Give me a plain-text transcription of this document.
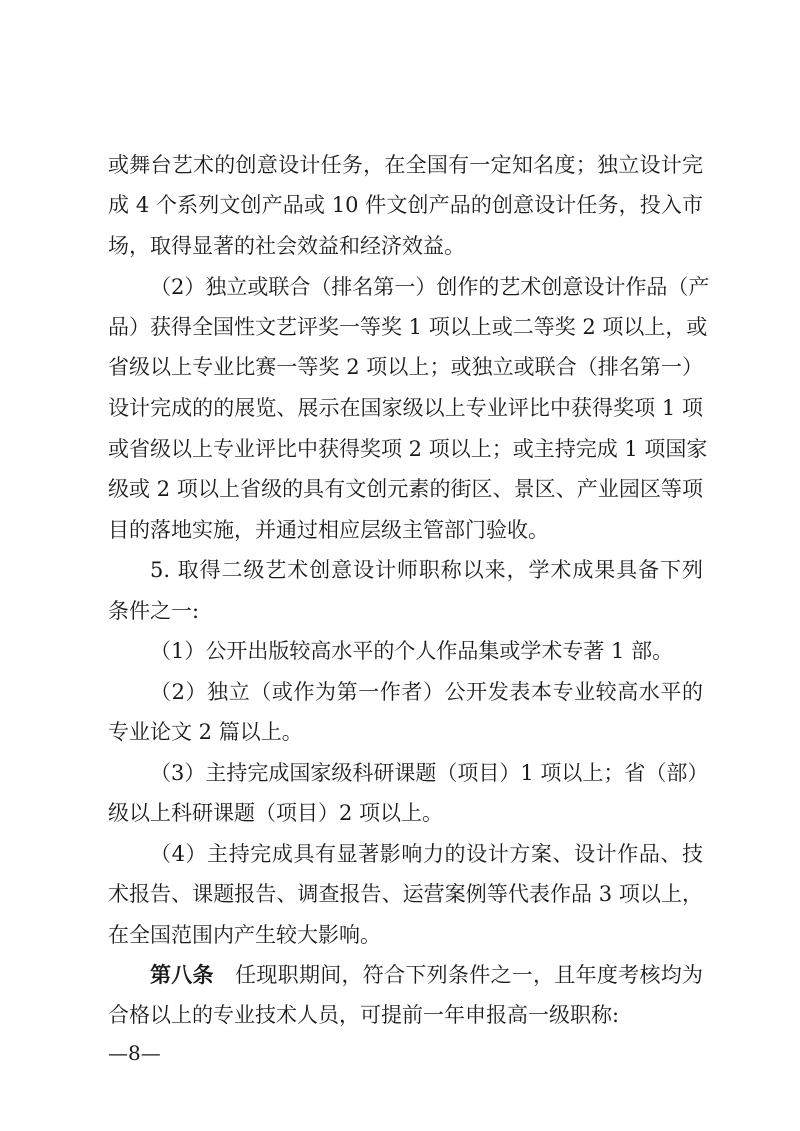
或舞台艺术的创意设计任务，在全国有一定知名度；独立设计完
成 4 个系列文创产品或 10 件文创产品的创意设计任务，投入市
场，取得显著的社会效益和经济效益。
（2）独立或联合（排名第一）创作的艺术创意设计作品（产
品）获得全国性文艺评奖一等奖 1 项以上或二等奖 2 项以上，或
省级以上专业比赛一等奖 2 项以上；或独立或联合（排名第一）
设计完成的的展览、展示在国家级以上专业评比中获得奖项 1 项
或省级以上专业评比中获得奖项 2 项以上；或主持完成 1 项国家
级或 2 项以上省级的具有文创元素的街区、景区、产业园区等项
目的落地实施，并通过相应层级主管部门验收。
5. 取得二级艺术创意设计师职称以来，学术成果具备下列
条件之一:
（1）公开出版较高水平的个人作品集或学术专著 1 部。
（2）独立（或作为第一作者）公开发表本专业较高水平的
专业论文 2 篇以上。
（3）主持完成国家级科研课题（项目）1 项以上；省（部）
级以上科研课题（项目）2 项以上。
（4）主持完成具有显著影响力的设计方案、设计作品、技
术报告、课题报告、调查报告、运营案例等代表作品 3 项以上，
在全国范围内产生较大影响。
第八条　 任现职期间，符合下列条件之一，且年度考核均为
合格以上的专业技术人员，可提前一年申报高一级职称:
—8—
